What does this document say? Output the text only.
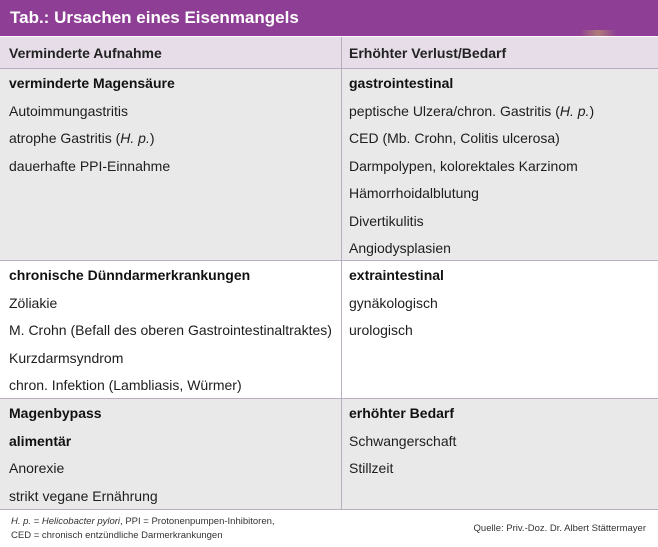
Tab.: Ursachen eines Eisenmangels
Verminderte Aufnahme	Erhöhter Verlust/Bedarf
verminderte Magensäure
Autoimmungastritis
atrophe Gastritis (H. p.)
dauerhafte PPI-Einnahme
gastrointestinal
peptische Ulzera/chron. Gastritis (H. p.)
CED (Mb. Crohn, Colitis ulcerosa)
Darmpolypen, kolorektales Karzinom
Hämorrhoidalblutung
Divertikulitis
Angiodysplasien
chronische Dünndarmerkrankungen
Zöliakie
M. Crohn (Befall des oberen Gastrointestinaltraktes)
Kurzdarmsyndrom
chron. Infektion (Lambliasis, Würmer)
extraintestinal
gynäkologisch
urologisch
Magenbypass
alimentär
Anorexie
strikt vegane Ernährung
erhöhter Bedarf
Schwangerschaft
Stillzeit
H. p. = Helicobacter pylori, PPI = Protonenpumpen-Inhibitoren,
CED = chronisch entzündliche Darmerkrankungen
Quelle: Priv.-Doz. Dr. Albert Stättermayer
